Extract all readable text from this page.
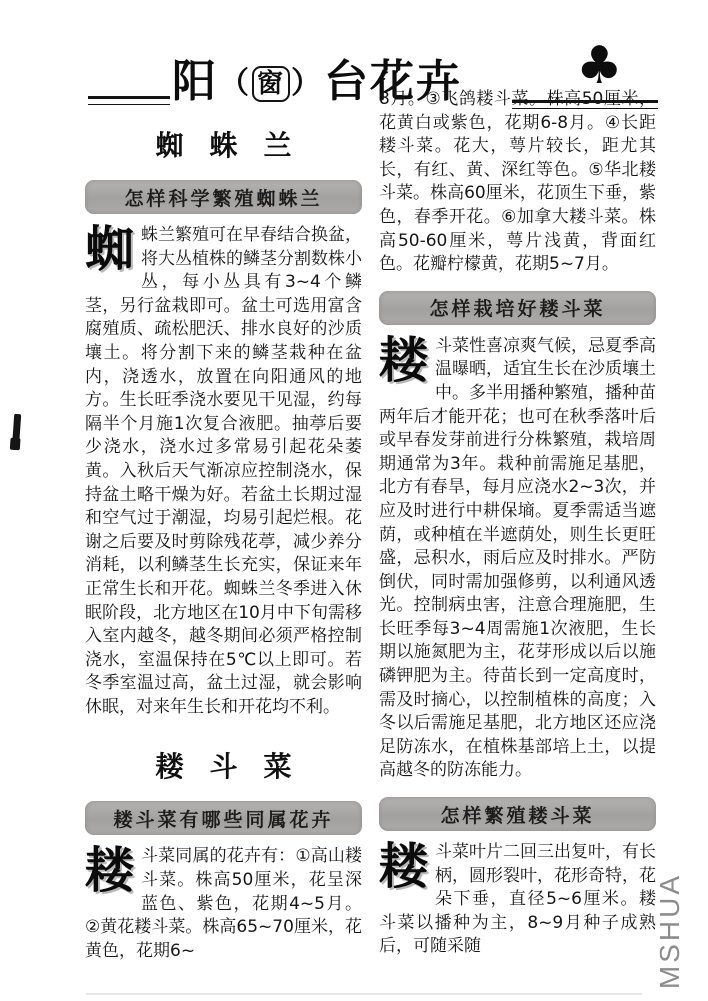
阳 （ 窗 ） 台花卉 ♣
蜘蛛兰
怎样科学繁殖蜘蛛兰
蜘蛛兰繁殖可在早春结合换盆，将大丛植株的鳞茎分割数株小丛，每小丛具有3~4个鳞茎，另行盆栽即可。盆土可选用富含腐殖质、疏松肥沃、排水良好的沙质壤土。将分割下来的鳞茎栽种在盆内，浇透水，放置在向阳通风的地方。生长旺季浇水要见干见湿，约每隔半个月施1次复合液肥。抽葶后要少浇水，浇水过多常易引起花朵萎黄。入秋后天气渐凉应控制浇水，保持盆土略干燥为好。若盆土长期过湿和空气过于潮湿，均易引起烂根。花谢之后要及时剪除残花葶，减少养分消耗，以利鳞茎生长充实，保证来年正常生长和开花。蜘蛛兰冬季进入休眠阶段，北方地区在10月中下旬需移入室内越冬，越冬期间必须严格控制浇水，室温保持在5℃以上即可。若冬季室温过高，盆土过湿，就会影响休眠，对来年生长和开花均不利。
耧斗菜
耧斗菜有哪些同属花卉
耧斗菜同属的花卉有：①高山耧斗菜。株高50厘米，花呈深蓝色、紫色，花期4~5月。②黄花耧斗菜。株高65~70厘米，花黄色，花期6~
8月。③飞鸽耧斗菜。株高50厘米，花黄白或紫色，花期6-8月。④长距耧斗菜。花大，萼片较长，距尤其长，有红、黄、深红等色。⑤华北耧斗菜。株高60厘米，花顶生下垂，紫色，春季开花。⑥加拿大耧斗菜。株高50-60厘米，萼片浅黄，背面红色。花瓣柠檬黄，花期5~7月。
怎样栽培好耧斗菜
耧斗菜性喜凉爽气候，忌夏季高温曝晒，适宜生长在沙质壤土中。多半用播种繁殖，播种苗两年后才能开花；也可在秋季落叶后或早春发芽前进行分株繁殖，栽培周期通常为3年。栽种前需施足基肥，北方有春旱，每月应浇水2~3次，并应及时进行中耕保墒。夏季需适当遮荫，或种植在半遮荫处，则生长更旺盛，忌积水，雨后应及时排水。严防倒伏，同时需加强修剪，以利通风透光。控制病虫害，注意合理施肥，生长旺季每3~4周需施1次液肥，生长期以施氮肥为主，花芽形成以后以施磷钾肥为主。待苗长到一定高度时，需及时摘心，以控制植株的高度；入冬以后需施足基肥，北方地区还应浇足防冻水，在植株基部培上土，以提高越冬的防冻能力。
怎样繁殖耧斗菜
耧斗菜叶片二回三出复叶，有长柄，圆形裂叶，花形奇特，花朵下垂，直径5~6厘米。耧斗菜以播种为主，8~9月种子成熟后，可随采随	MSHUA
